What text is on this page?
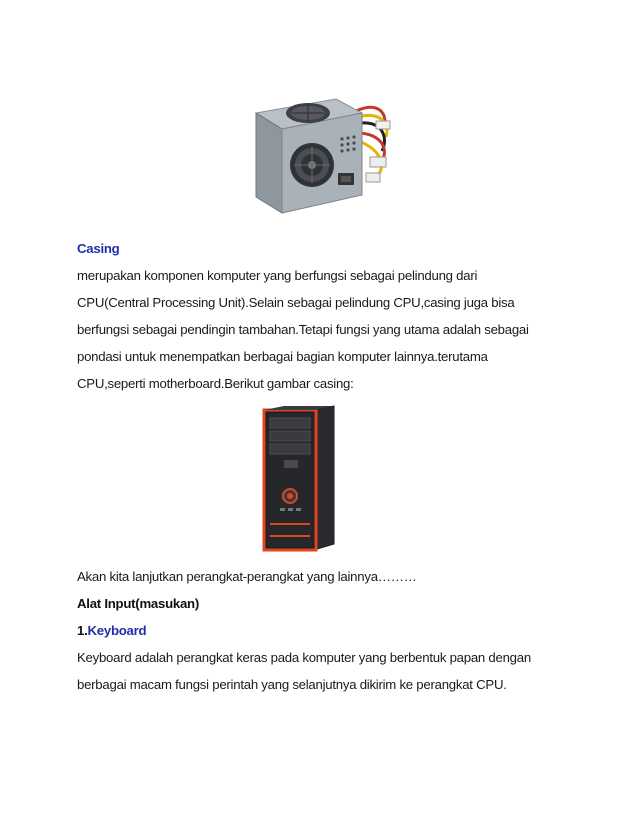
Casing
merupakan komponen komputer yang berfungsi sebagai pelindung dari
CPU(Central Processing Unit).Selain sebagai pelindung CPU,casing juga bisa
berfungsi sebagai pendingin tambahan.Tetapi fungsi yang utama adalah sebagai
pondasi untuk menempatkan berbagai bagian komputer lainnya.terutama
CPU,seperti motherboard.Berikut gambar casing:
Akan kita lanjutkan perangkat-perangkat yang lainnya………
Alat Input(masukan)
1.Keyboard
Keyboard adalah perangkat keras pada komputer yang berbentuk papan dengan
berbagai macam fungsi perintah yang selanjutnya dikirim ke perangkat CPU.
